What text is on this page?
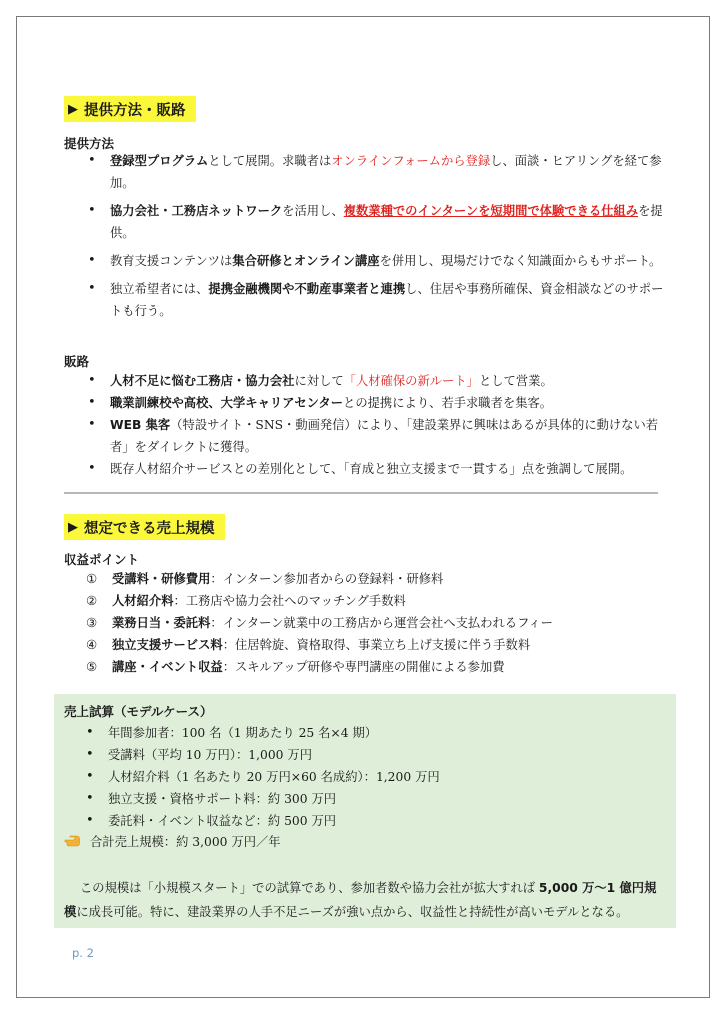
▶ 提供方法・販路
提供方法
• 登録型プログラムとして展開。求職者はオンラインフォームから登録し、面談・ヒアリングを経て参加。
• 協力会社・工務店ネットワークを活用し、複数業種でのインターンを短期間で体験できる仕組みを提供。
• 教育支援コンテンツは集合研修とオンライン講座を併用し、現場だけでなく知識面からもサポート。
• 独立希望者には、提携金融機関や不動産事業者と連携し、住居や事務所確保、資金相談などのサポートも行う。
販路
• 人材不足に悩む工務店・協力会社に対して「人材確保の新ルート」として営業。
• 職業訓練校や高校、大学キャリアセンターとの提携により、若手求職者を集客。
• WEB 集客（特設サイト・SNS・動画発信）により、「建設業界に興味はあるが具体的に動けない若者」をダイレクトに獲得。
• 既存人材紹介サービスとの差別化として、「育成と独立支援まで一貫する」点を強調して展開。
▶ 想定できる売上規模
収益ポイント
①	受講料・研修費用 ：インターン参加者からの登録料・研修料
②	人材紹介料 ：工務店や協力会社へのマッチング手数料
③	業務日当・委託料 ：インターン就業中の工務店から運営会社へ支払われるフィー
④	独立支援サービス料 ：住居斡旋、資格取得、事業立ち上げ支援に伴う手数料
⑤	講座・イベント収益 ：スキルアップ研修や専門講座の開催による参加費
売上試算（モデルケース）
• 年間参加者：100 名（1 期あたり 25 名×4 期）
• 受講料（平均 10 万円）：1,000 万円
• 人材紹介料（1 名あたり 20 万円×60 名成約）：1,200 万円
• 独立支援・資格サポート料：約 300 万円
• 委託料・イベント収益など：約 500 万円
合計売上規模：約 3,000 万円／年
この規模は「小規模スタート」での試算であり、参加者数や協力会社が拡大すれば 5,000 万〜1 億円規模に成長可能。特に、建設業界の人手不足ニーズが強い点から、収益性と持続性が高いモデルとなる。
p. 2
